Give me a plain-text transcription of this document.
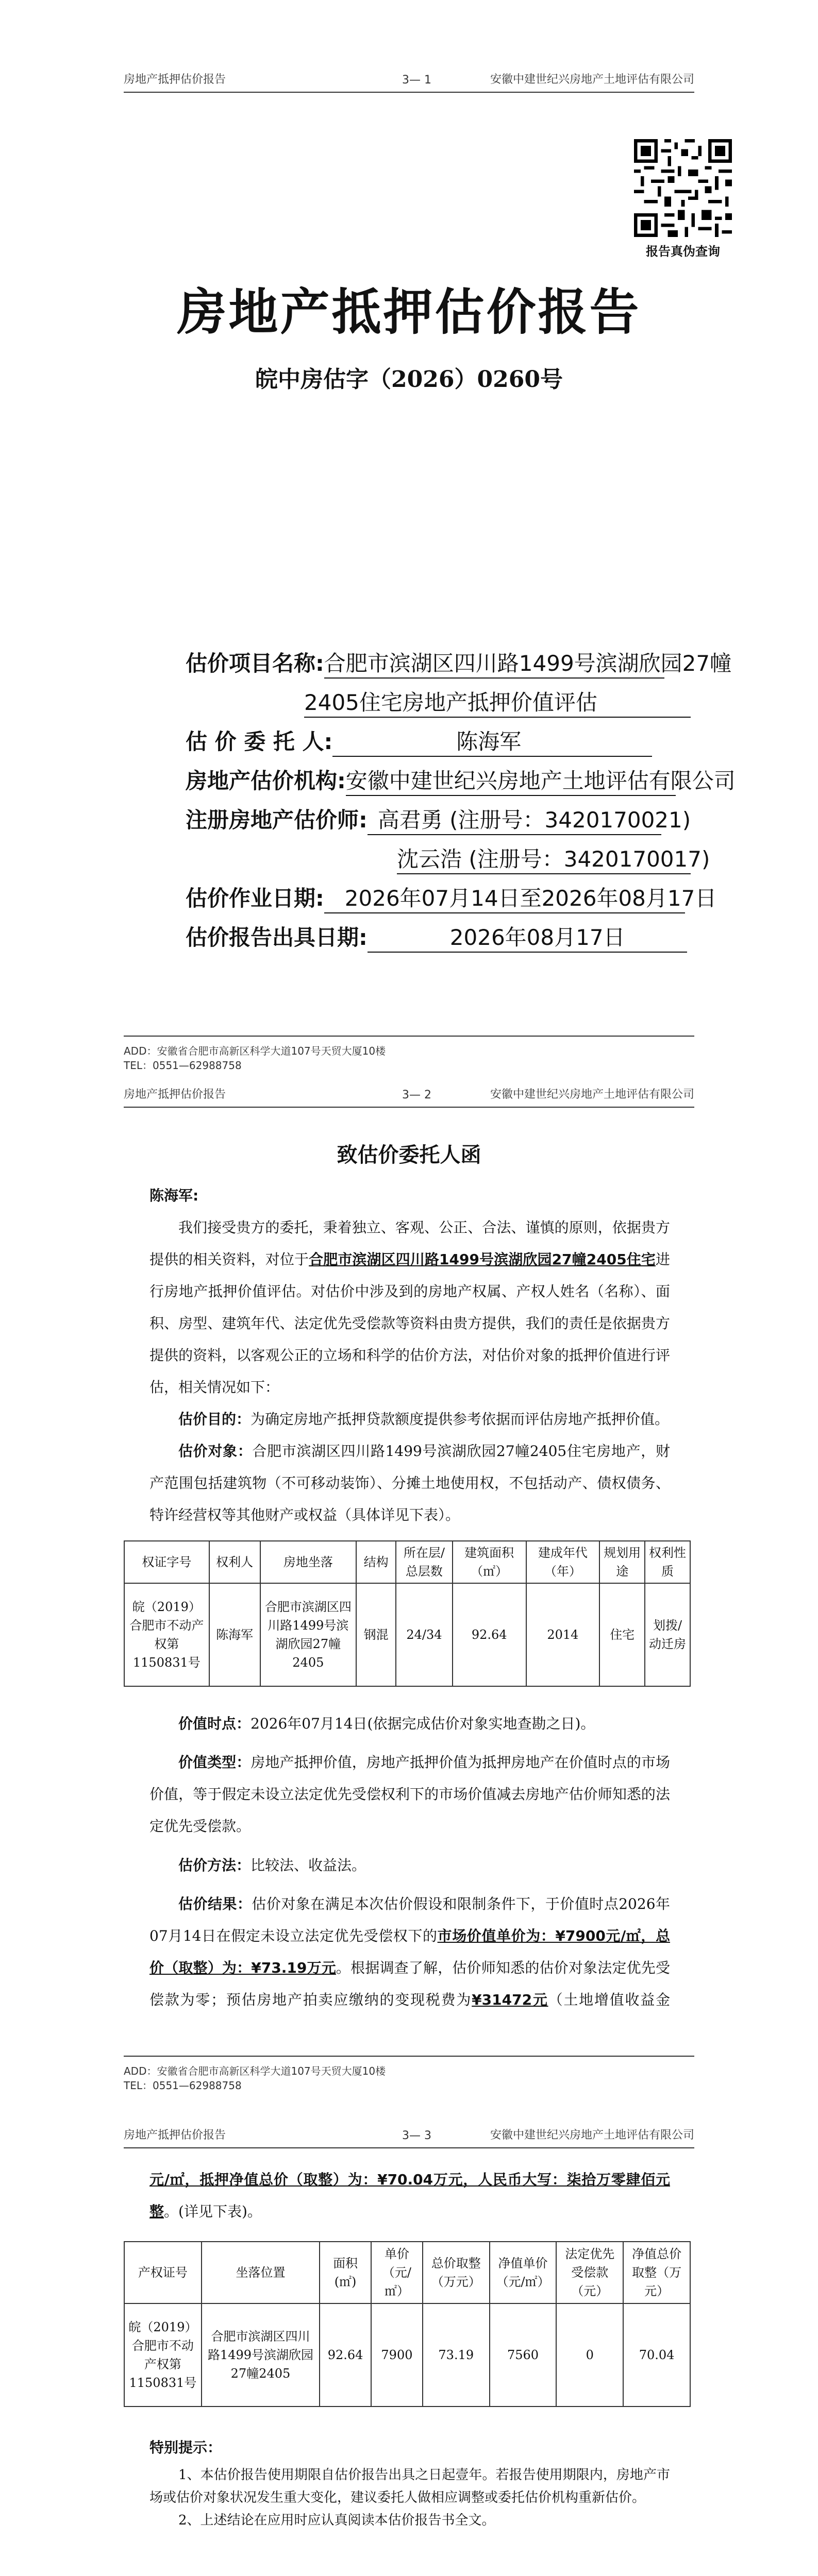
房地产抵押估价报告	3— 1	安徽中建世纪兴房地产土地评估有限公司
报告真伪查询
房地产抵押估价报告
皖中房估字（2026）0260号
估价项目名称:合肥市滨湖区四川路1499号滨湖欣园27幢
2405住宅房地产抵押价值评估
估 价 委 托 人:	陈海军
房地产估价机构:安徽中建世纪兴房地产土地评估有限公司
注册房地产估价师: 高君勇 (注册号：3420170021)
沈云浩 (注册号：3420170017)
估价作业日期: 2026年07月14日至2026年08月17日
估价报告出具日期:	2026年08月17日
ADD：安徽省合肥市高新区科学大道107号天贸大厦10楼
TEL：0551—62988758
房地产抵押估价报告	3— 2	安徽中建世纪兴房地产土地评估有限公司
致估价委托人函
陈海军:
我们接受贵方的委托，秉着独立、客观、公正、合法、谨慎的原则，依据贵方提供的相关资料，对位于合肥市滨湖区四川路1499号滨湖欣园27幢2405住宅进行房地产抵押价值评估。对估价中涉及到的房地产权属、产权人姓名（名称）、面积、房型、建筑年代、法定优先受偿款等资料由贵方提供，我们的责任是依据贵方提供的资料，以客观公正的立场和科学的估价方法，对估价对象的抵押价值进行评估，相关情况如下：
估价目的：为确定房地产抵押贷款额度提供参考依据而评估房地产抵押价值。
估价对象：合肥市滨湖区四川路1499号滨湖欣园27幢2405住宅房地产，财产范围包括建筑物（不可移动装饰）、分摊土地使用权，不包括动产、债权债务、特许经营权等其他财产或权益（具体详见下表）。
权证字号	权利人	房地坐落	结构	所在层/总层数	建筑面积（㎡）	建成年代（年）	规划用途	权利性质
皖（2019）合肥市不动产权第1150831号	陈海军	合肥市滨湖区四川路1499号滨湖欣园27幢2405	钢混	24/34	92.64	2014	住宅	划拨/动迁房
价值时点：2026年07月14日(依据完成估价对象实地查勘之日)。
价值类型：房地产抵押价值，房地产抵押价值为抵押房地产在价值时点的市场价值，等于假定未设立法定优先受偿权利下的市场价值减去房地产估价师知悉的法定优先受偿款。
估价方法：比较法、收益法。
估价结果：估价对象在满足本次估价假设和限制条件下，于价值时点2026年07月14日在假定未设立法定优先受偿权下的市场价值单价为：¥7900元/㎡，总价（取整）为：¥73.19万元。根据调查了解，估价师知悉的估价对象法定优先受偿款为零；预估房地产拍卖应缴纳的变现税费为¥31472元（土地增值收益金
ADD：安徽省合肥市高新区科学大道107号天贸大厦10楼
TEL：0551—62988758
房地产抵押估价报告	3— 3	安徽中建世纪兴房地产土地评估有限公司
元/㎡，抵押净值总价（取整）为：¥70.04万元，人民币大写：柒拾万零肆佰元整。(详见下表)。
产权证号	坐落位置	面积(㎡)	单价（元/㎡）	总价取整（万元）	净值单价（元/㎡）	法定优先受偿款（元）	净值总价取整（万元）
皖（2019）合肥市不动产权第1150831号	合肥市滨湖区四川路1499号滨湖欣园27幢2405	92.64	7900	73.19	7560	0	70.04
特别提示：
1、本估价报告使用期限自估价报告出具之日起壹年。若报告使用期限内，房地产市场或估价对象状况发生重大变化，建议委托人做相应调整或委托估价机构重新估价。
2、上述结论在应用时应认真阅读本估价报告书全文。
